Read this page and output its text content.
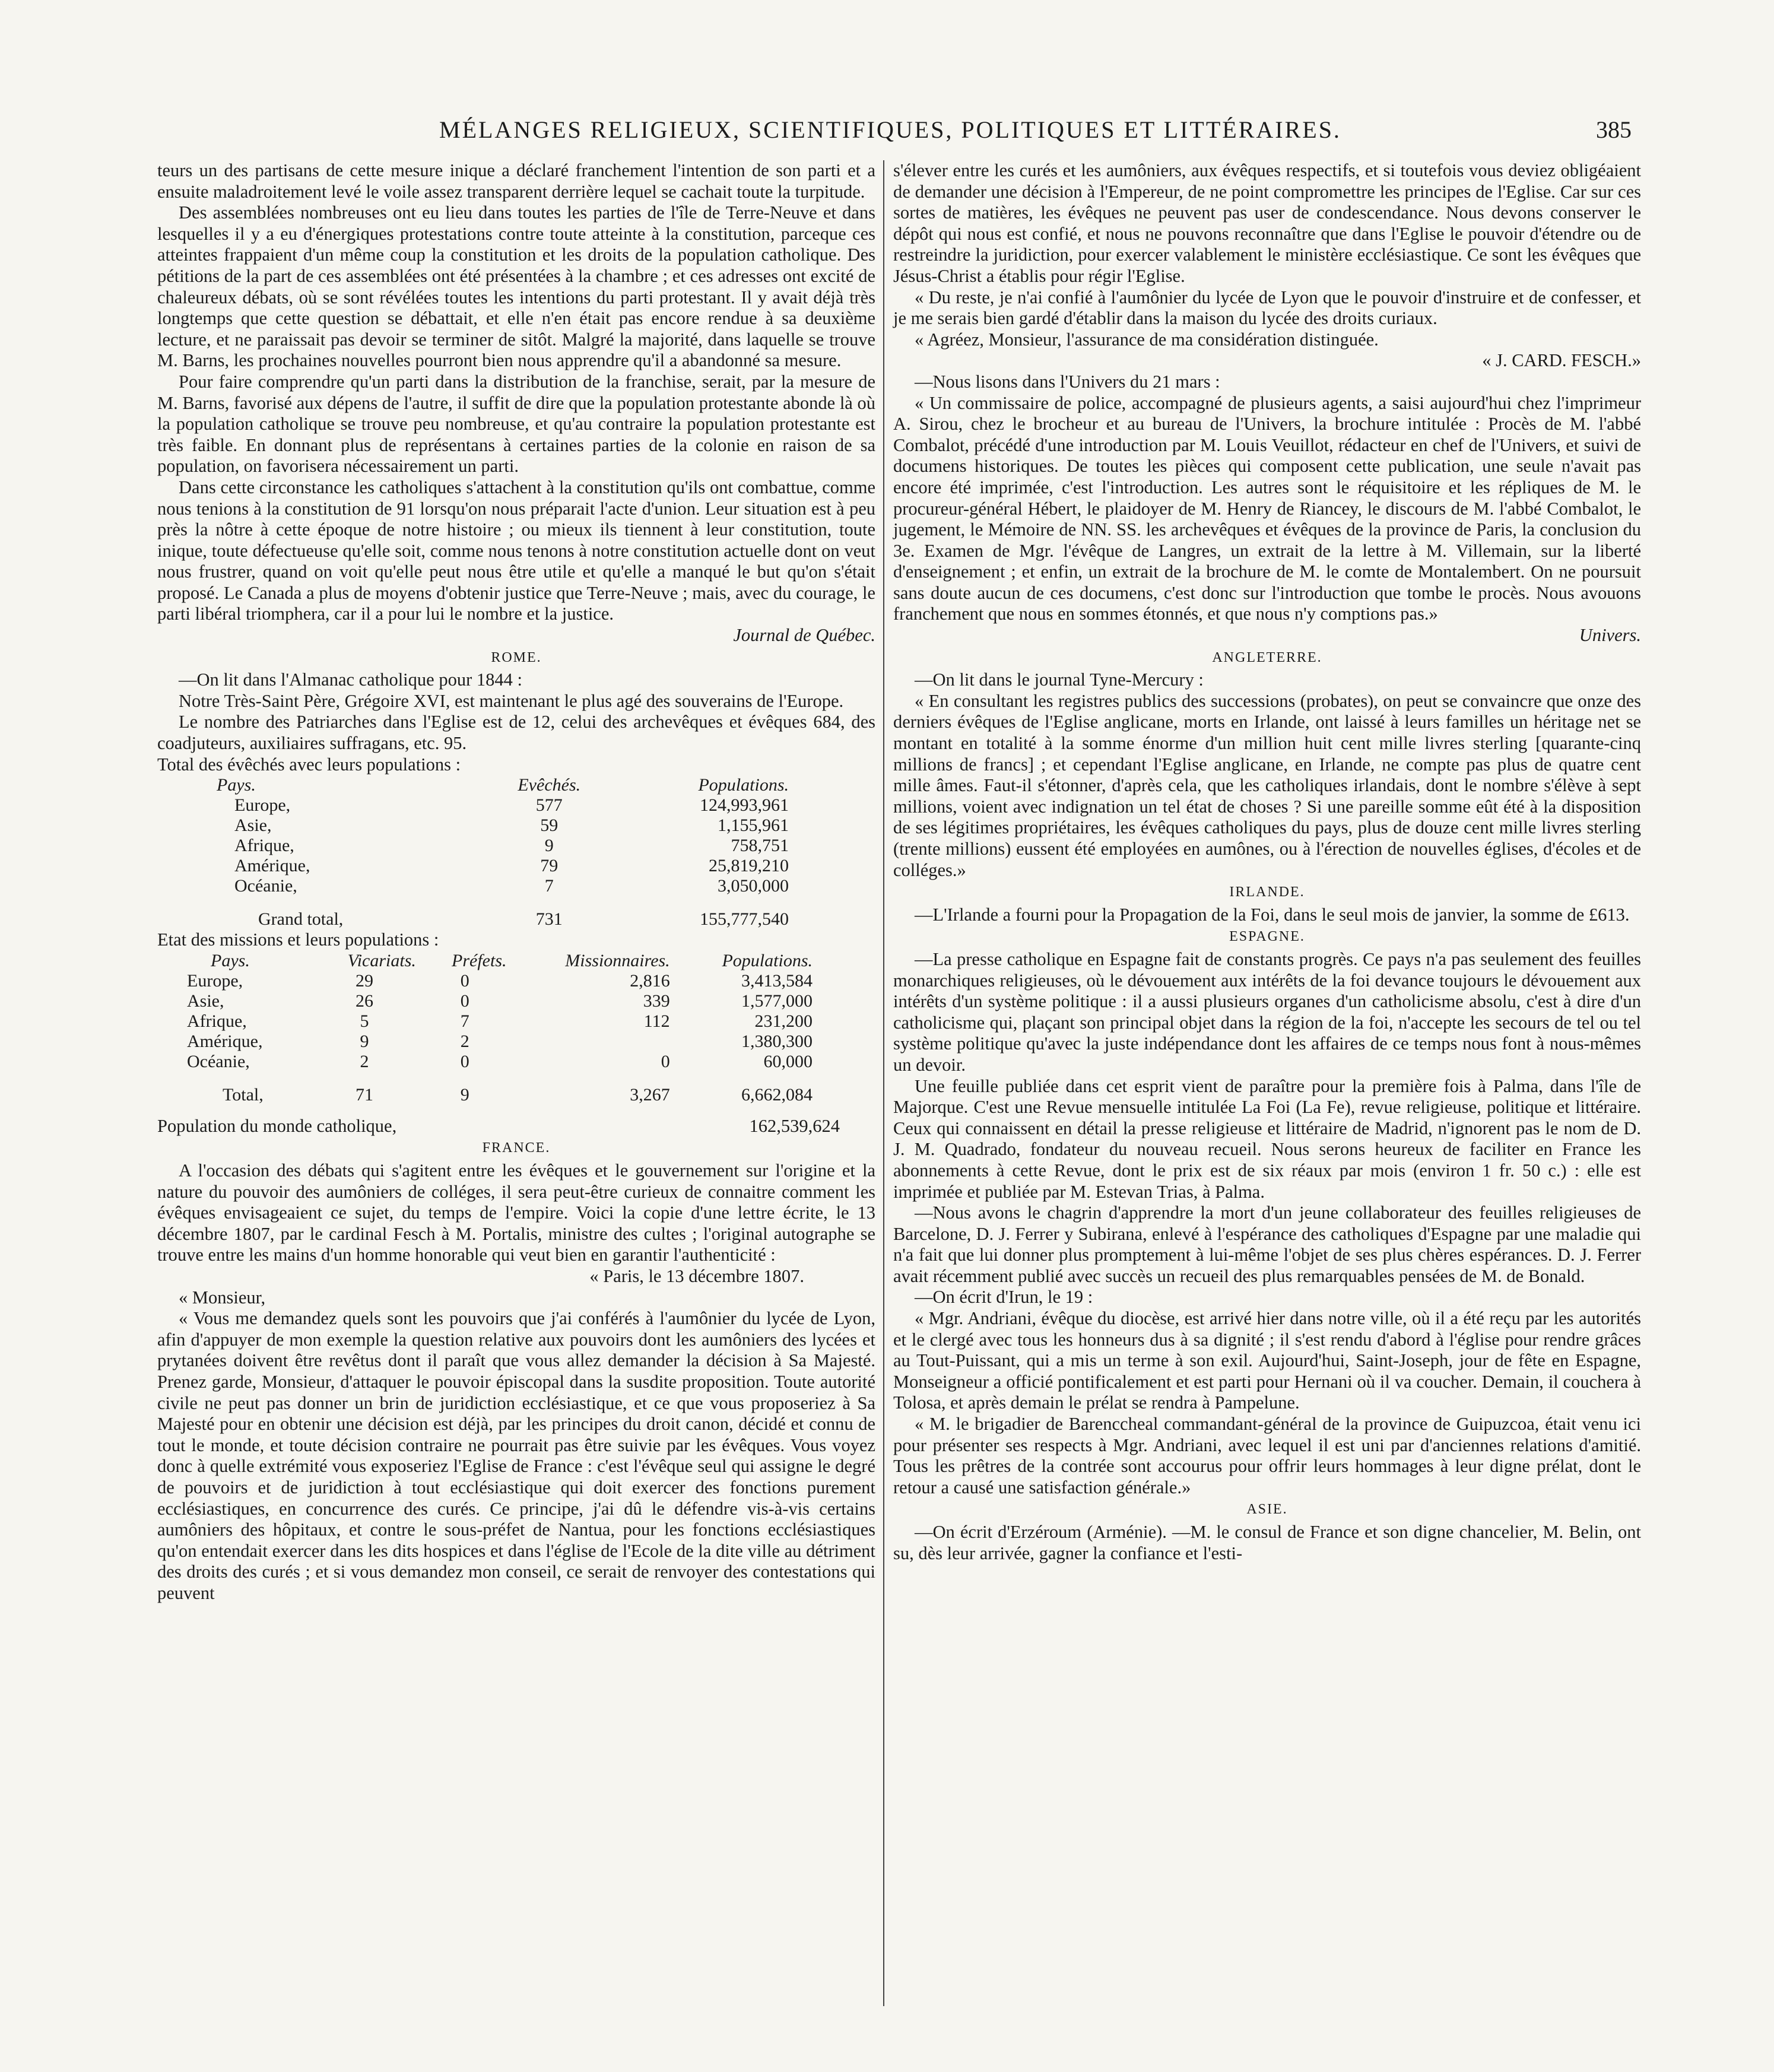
MÉLANGES RELIGIEUX, SCIENTIFIQUES, POLITIQUES ET LITTÉRAIRES.	385

teurs un des partisans de cette mesure inique a déclaré franchement l'intention de son parti et a ensuite maladroitement levé le voile assez transparent derrière lequel se cachait toute la turpitude.

Des assemblées nombreuses ont eu lieu dans toutes les parties de l'île de Terre-Neuve et dans lesquelles il y a eu d'énergiques protestations contre toute atteinte à la constitution, parceque ces atteintes frappaient d'un même coup la constitution et les droits de la population catholique. Des pétitions de la part de ces assemblées ont été présentées à la chambre ; et ces adresses ont excité de chaleureux débats, où se sont révélées toutes les intentions du parti protestant. Il y avait déjà très longtemps que cette question se débattait, et elle n'en était pas encore rendue à sa deuxième lecture, et ne paraissait pas devoir se terminer de sitôt. Malgré la majorité, dans laquelle se trouve M. Barns, les prochaines nouvelles pourront bien nous apprendre qu'il a abandonné sa mesure.

Pour faire comprendre qu'un parti dans la distribution de la franchise, serait, par la mesure de M. Barns, favorisé aux dépens de l'autre, il suffit de dire que la population protestante abonde là où la population catholique se trouve peu nombreuse, et qu'au contraire la population protestante est très faible. En donnant plus de représentans à certaines parties de la colonie en raison de sa population, on favorisera nécessairement un parti.

Dans cette circonstance les catholiques s'attachent à la constitution qu'ils ont combattue, comme nous tenions à la constitution de 91 lorsqu'on nous préparait l'acte d'union. Leur situation est à peu près la nôtre à cette époque de notre histoire ; ou mieux ils tiennent à leur constitution, toute inique, toute défectueuse qu'elle soit, comme nous tenons à notre constitution actuelle dont on veut nous frustrer, quand on voit qu'elle peut nous être utile et qu'elle a manqué le but qu'on s'était proposé. Le Canada a plus de moyens d'obtenir justice que Terre-Neuve ; mais, avec du courage, le parti libéral triomphera, car il a pour lui le nombre et la justice.

Journal de Québec.

ROME.

—On lit dans l'Almanac catholique pour 1844 :

Notre Très-Saint Père, Grégoire XVI, est maintenant le plus agé des souverains de l'Europe.

Le nombre des Patriarches dans l'Eglise est de 12, celui des archevêques et évêques 684, des coadjuteurs, auxiliaires suffragans, etc. 95.

Total des évêchés avec leurs populations :

Pays.	Evêchés.	Populations.
Europe,	577	124,993,961
Asie,	59	1,155,961
Afrique,	9	758,751
Amérique,	79	25,819,210
Océanie,	7	3,050,000
Grand total,	731	155,777,540

Etat des missions et leurs populations :

Pays.	Vicariats.	Préfets.	Missionnaires.	Populations.
Europe,	29	0	2,816	3,413,584
Asie,	26	0	339	1,577,000
Afrique,	5	7	112	231,200
Amérique,	9	2		1,380,300
Océanie,	2	0	0	60,000
Total,	71	9	3,267	6,662,084
Population du monde catholique,	162,539,624

FRANCE.

A l'occasion des débats qui s'agitent entre les évêques et le gouvernement sur l'origine et la nature du pouvoir des aumôniers de colléges, il sera peut-être curieux de connaitre comment les évêques envisageaient ce sujet, du temps de l'empire. Voici la copie d'une lettre écrite, le 13 décembre 1807, par le cardinal Fesch à M. Portalis, ministre des cultes ; l'original autographe se trouve entre les mains d'un homme honorable qui veut bien en garantir l'authenticité :

« Paris, le 13 décembre 1807.

« Monsieur,

« Vous me demandez quels sont les pouvoirs que j'ai conférés à l'aumônier du lycée de Lyon, afin d'appuyer de mon exemple la question relative aux pouvoirs dont les aumôniers des lycées et prytanées doivent être revêtus dont il paraît que vous allez demander la décision à Sa Majesté. Prenez garde, Monsieur, d'attaquer le pouvoir épiscopal dans la susdite proposition. Toute autorité civile ne peut pas donner un brin de juridiction ecclésiastique, et ce que vous proposeriez à Sa Majesté pour en obtenir une décision est déjà, par les principes du droit canon, décidé et connu de tout le monde, et toute décision contraire ne pourrait pas être suivie par les évêques. Vous voyez donc à quelle extrémité vous exposeriez l'Eglise de France : c'est l'évêque seul qui assigne le degré de pouvoirs et de juridiction à tout ecclésiastique qui doit exercer des fonctions purement ecclésiastiques, en concurrence des curés. Ce principe, j'ai dû le défendre vis-à-vis certains aumôniers des hôpitaux, et contre le sous-préfet de Nantua, pour les fonctions ecclésiastiques qu'on entendait exercer dans les dits hospices et dans l'église de l'Ecole de la dite ville au détriment des droits des curés ; et si vous demandez mon conseil, ce serait de renvoyer des contestations qui peuvent

s'élever entre les curés et les aumôniers, aux évêques respectifs, et si toutefois vous deviez obligéaient de demander une décision à l'Empereur, de ne point compromettre les principes de l'Eglise. Car sur ces sortes de matières, les évêques ne peuvent pas user de condescendance. Nous devons conserver le dépôt qui nous est confié, et nous ne pouvons reconnaître que dans l'Eglise le pouvoir d'étendre ou de restreindre la juridiction, pour exercer valablement le ministère ecclésiastique. Ce sont les évêques que Jésus-Christ a établis pour régir l'Eglise.

« Du reste, je n'ai confié à l'aumônier du lycée de Lyon que le pouvoir d'instruire et de confesser, et je me serais bien gardé d'établir dans la maison du lycée des droits curiaux.

« Agréez, Monsieur, l'assurance de ma considération distinguée.

« J. CARD. FESCH.»

—Nous lisons dans l'Univers du 21 mars :

« Un commissaire de police, accompagné de plusieurs agents, a saisi aujourd'hui chez l'imprimeur A. Sirou, chez le brocheur et au bureau de l'Univers, la brochure intitulée : Procès de M. l'abbé Combalot, précédé d'une introduction par M. Louis Veuillot, rédacteur en chef de l'Univers, et suivi de documens historiques. De toutes les pièces qui composent cette publication, une seule n'avait pas encore été imprimée, c'est l'introduction. Les autres sont le réquisitoire et les répliques de M. le procureur-général Hébert, le plaidoyer de M. Henry de Riancey, le discours de M. l'abbé Combalot, le jugement, le Mémoire de NN. SS. les archevêques et évêques de la province de Paris, la conclusion du 3e. Examen de Mgr. l'évêque de Langres, un extrait de la lettre à M. Villemain, sur la liberté d'enseignement ; et enfin, un extrait de la brochure de M. le comte de Montalembert. On ne poursuit sans doute aucun de ces documens, c'est donc sur l'introduction que tombe le procès. Nous avouons franchement que nous en sommes étonnés, et que nous n'y comptions pas.»

Univers.

ANGLETERRE.

—On lit dans le journal Tyne-Mercury :

« En consultant les registres publics des successions (probates), on peut se convaincre que onze des derniers évêques de l'Eglise anglicane, morts en Irlande, ont laissé à leurs familles un héritage net se montant en totalité à la somme énorme d'un million huit cent mille livres sterling [quarante-cinq millions de francs] ; et cependant l'Eglise anglicane, en Irlande, ne compte pas plus de quatre cent mille âmes. Faut-il s'étonner, d'après cela, que les catholiques irlandais, dont le nombre s'élève à sept millions, voient avec indignation un tel état de choses ? Si une pareille somme eût été à la disposition de ses légitimes propriétaires, les évêques catholiques du pays, plus de douze cent mille livres sterling (trente millions) eussent été employées en aumônes, ou à l'érection de nouvelles églises, d'écoles et de colléges.»

IRLANDE.

—L'Irlande a fourni pour la Propagation de la Foi, dans le seul mois de janvier, la somme de £613.

ESPAGNE.

—La presse catholique en Espagne fait de constants progrès. Ce pays n'a pas seulement des feuilles monarchiques religieuses, où le dévouement aux intérêts de la foi devance toujours le dévouement aux intérêts d'un système politique : il a aussi plusieurs organes d'un catholicisme absolu, c'est à dire d'un catholicisme qui, plaçant son principal objet dans la région de la foi, n'accepte les secours de tel ou tel système politique qu'avec la juste indépendance dont les affaires de ce temps nous font à nous-mêmes un devoir.

Une feuille publiée dans cet esprit vient de paraître pour la première fois à Palma, dans l'île de Majorque. C'est une Revue mensuelle intitulée La Foi (La Fe), revue religieuse, politique et littéraire. Ceux qui connaissent en détail la presse religieuse et littéraire de Madrid, n'ignorent pas le nom de D. J. M. Quadrado, fondateur du nouveau recueil. Nous serons heureux de faciliter en France les abonnements à cette Revue, dont le prix est de six réaux par mois (environ 1 fr. 50 c.) : elle est imprimée et publiée par M. Estevan Trias, à Palma.

—Nous avons le chagrin d'apprendre la mort d'un jeune collaborateur des feuilles religieuses de Barcelone, D. J. Ferrer y Subirana, enlevé à l'espérance des catholiques d'Espagne par une maladie qui n'a fait que lui donner plus promptement à lui-même l'objet de ses plus chères espérances. D. J. Ferrer avait récemment publié avec succès un recueil des plus remarquables pensées de M. de Bonald.

—On écrit d'Irun, le 19 :

« Mgr. Andriani, évêque du diocèse, est arrivé hier dans notre ville, où il a été reçu par les autorités et le clergé avec tous les honneurs dus à sa dignité ; il s'est rendu d'abord à l'église pour rendre grâces au Tout-Puissant, qui a mis un terme à son exil. Aujourd'hui, Saint-Joseph, jour de fête en Espagne, Monseigneur a officié pontificalement et est parti pour Hernani où il va coucher. Demain, il couchera à Tolosa, et après demain le prélat se rendra à Pampelune.

« M. le brigadier de Barenccheal commandant-général de la province de Guipuzcoa, était venu ici pour présenter ses respects à Mgr. Andriani, avec lequel il est uni par d'anciennes relations d'amitié. Tous les prêtres de la contrée sont accourus pour offrir leurs hommages à leur digne prélat, dont le retour a causé une satisfaction générale.»

ASIE.

—On écrit d'Erzéroum (Arménie). —M. le consul de France et son digne chancelier, M. Belin, ont su, dès leur arrivée, gagner la confiance et l'esti-
